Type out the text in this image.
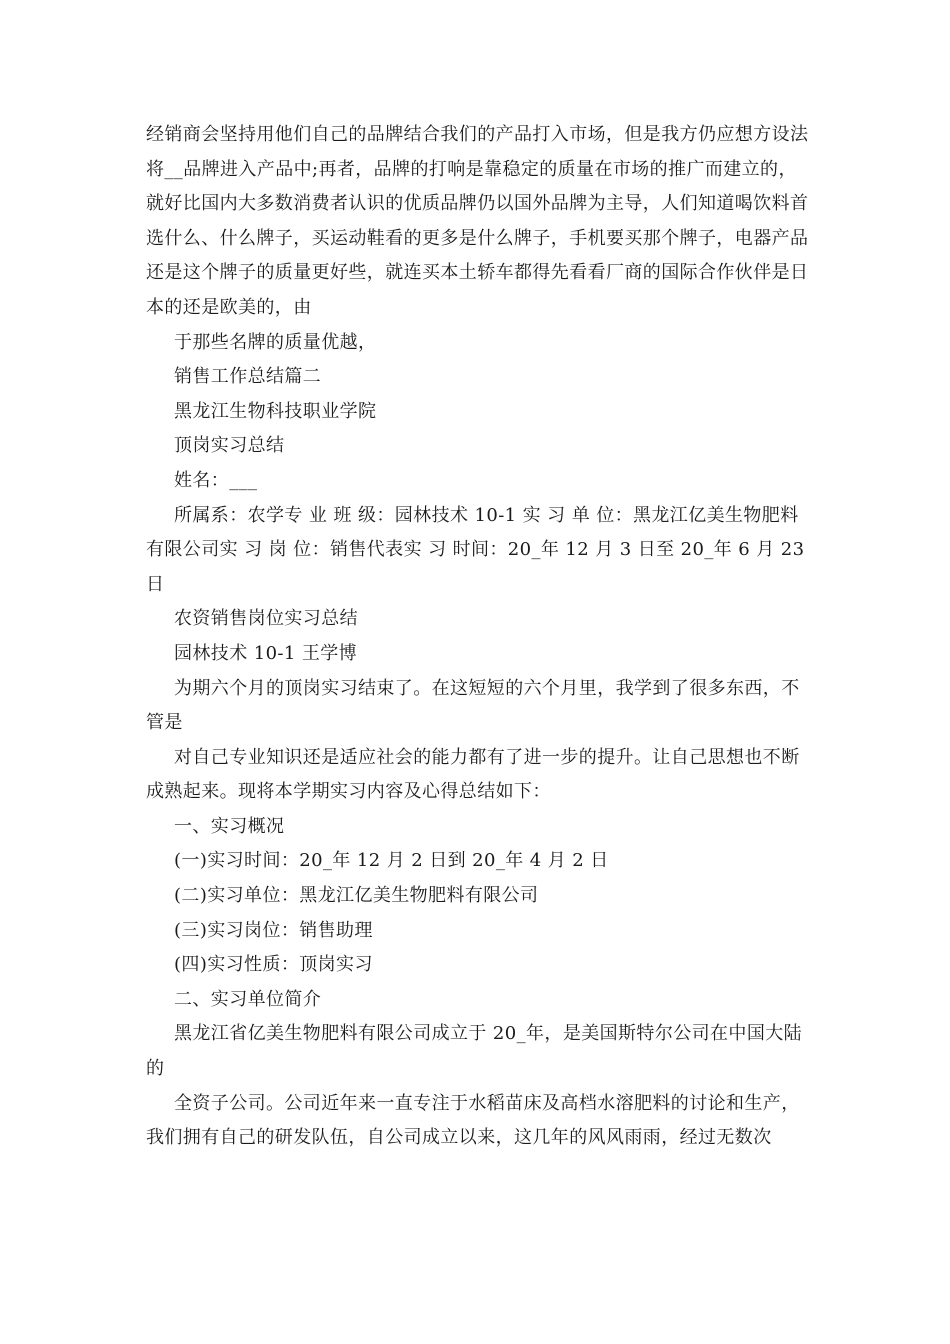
经销商会坚持用他们自己的品牌结合我们的产品打入市场，但是我方仍应想方设法将__品牌进入产品中;再者，品牌的打响是靠稳定的质量在市场的推广而建立的，就好比国内大多数消费者认识的优质品牌仍以国外品牌为主导，人们知道喝饮料首选什么、什么牌子，买运动鞋看的更多是什么牌子，手机要买那个牌子，电器产品还是这个牌子的质量更好些，就连买本土轿车都得先看看厂商的国际合作伙伴是日本的还是欧美的，由

于那些名牌的质量优越，

销售工作总结篇二

黑龙江生物科技职业学院

顶岗实习总结

姓名：___

所属系：农学专 业 班 级：园林技术 10-1 实 习 单 位：黑龙江亿美生物肥料有限公司实 习 岗 位：销售代表实 习 时间：20_年 12 月 3 日至 20_年 6 月 23 日

农资销售岗位实习总结

园林技术 10-1 王学博

为期六个月的顶岗实习结束了。在这短短的六个月里，我学到了很多东西，不管是

对自己专业知识还是适应社会的能力都有了进一步的提升。让自己思想也不断成熟起来。现将本学期实习内容及心得总结如下：

一、实习概况

(一)实习时间：20_年 12 月 2 日到 20_年 4 月 2 日

(二)实习单位：黑龙江亿美生物肥料有限公司

(三)实习岗位：销售助理

(四)实习性质：顶岗实习

二、实习单位简介

黑龙江省亿美生物肥料有限公司成立于 20_年，是美国斯特尔公司在中国大陆的

全资子公司。公司近年来一直专注于水稻苗床及高档水溶肥料的讨论和生产，我们拥有自己的研发队伍，自公司成立以来，这几年的风风雨雨，经过无数次
